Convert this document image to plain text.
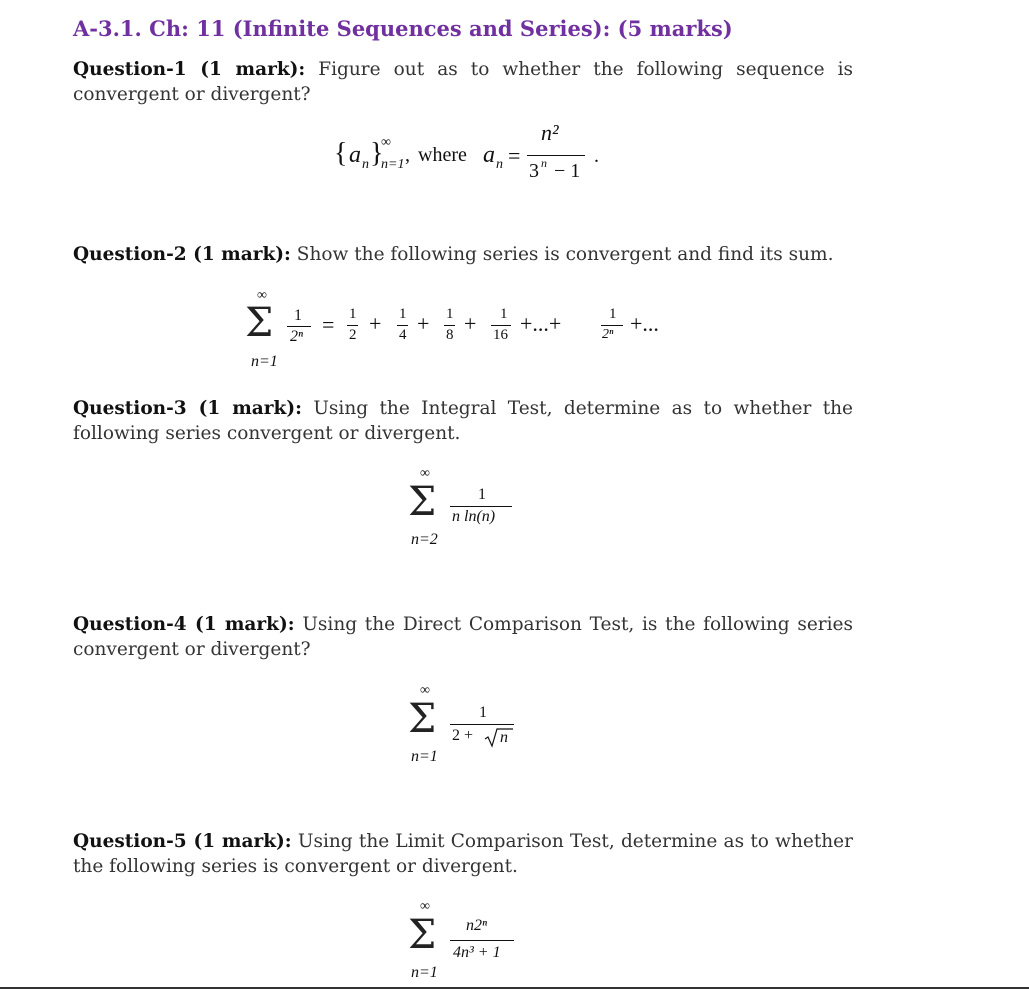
A-3.1. Ch: 11 (Infinite Sequences and Series): (5 marks)

Question-1 (1 mark): Figure out as to whether the following sequence is convergent or divergent?

{ a n }
∞
n=1 , where a n =
n²
3 n − 1
.

Question-2 (1 mark): Show the following series is convergent and find its sum.

∞
Σ
n=1
1
2ⁿ = 1
2 + 1
4 + 1
8 + 1
16 +...+	1
2ⁿ +...

Question-3 (1 mark): Using the Integral Test, determine as to whether the following series convergent or divergent.

∞
Σ
n=2
1
n ln(n)

Question-4 (1 mark): Using the Direct Comparison Test, is the following series convergent or divergent?

∞
Σ
n=1
1
2 + n

Question-5 (1 mark): Using the Limit Comparison Test, determine as to whether the following series is convergent or divergent.

∞
Σ
n=1
n2ⁿ
4n³ + 1
